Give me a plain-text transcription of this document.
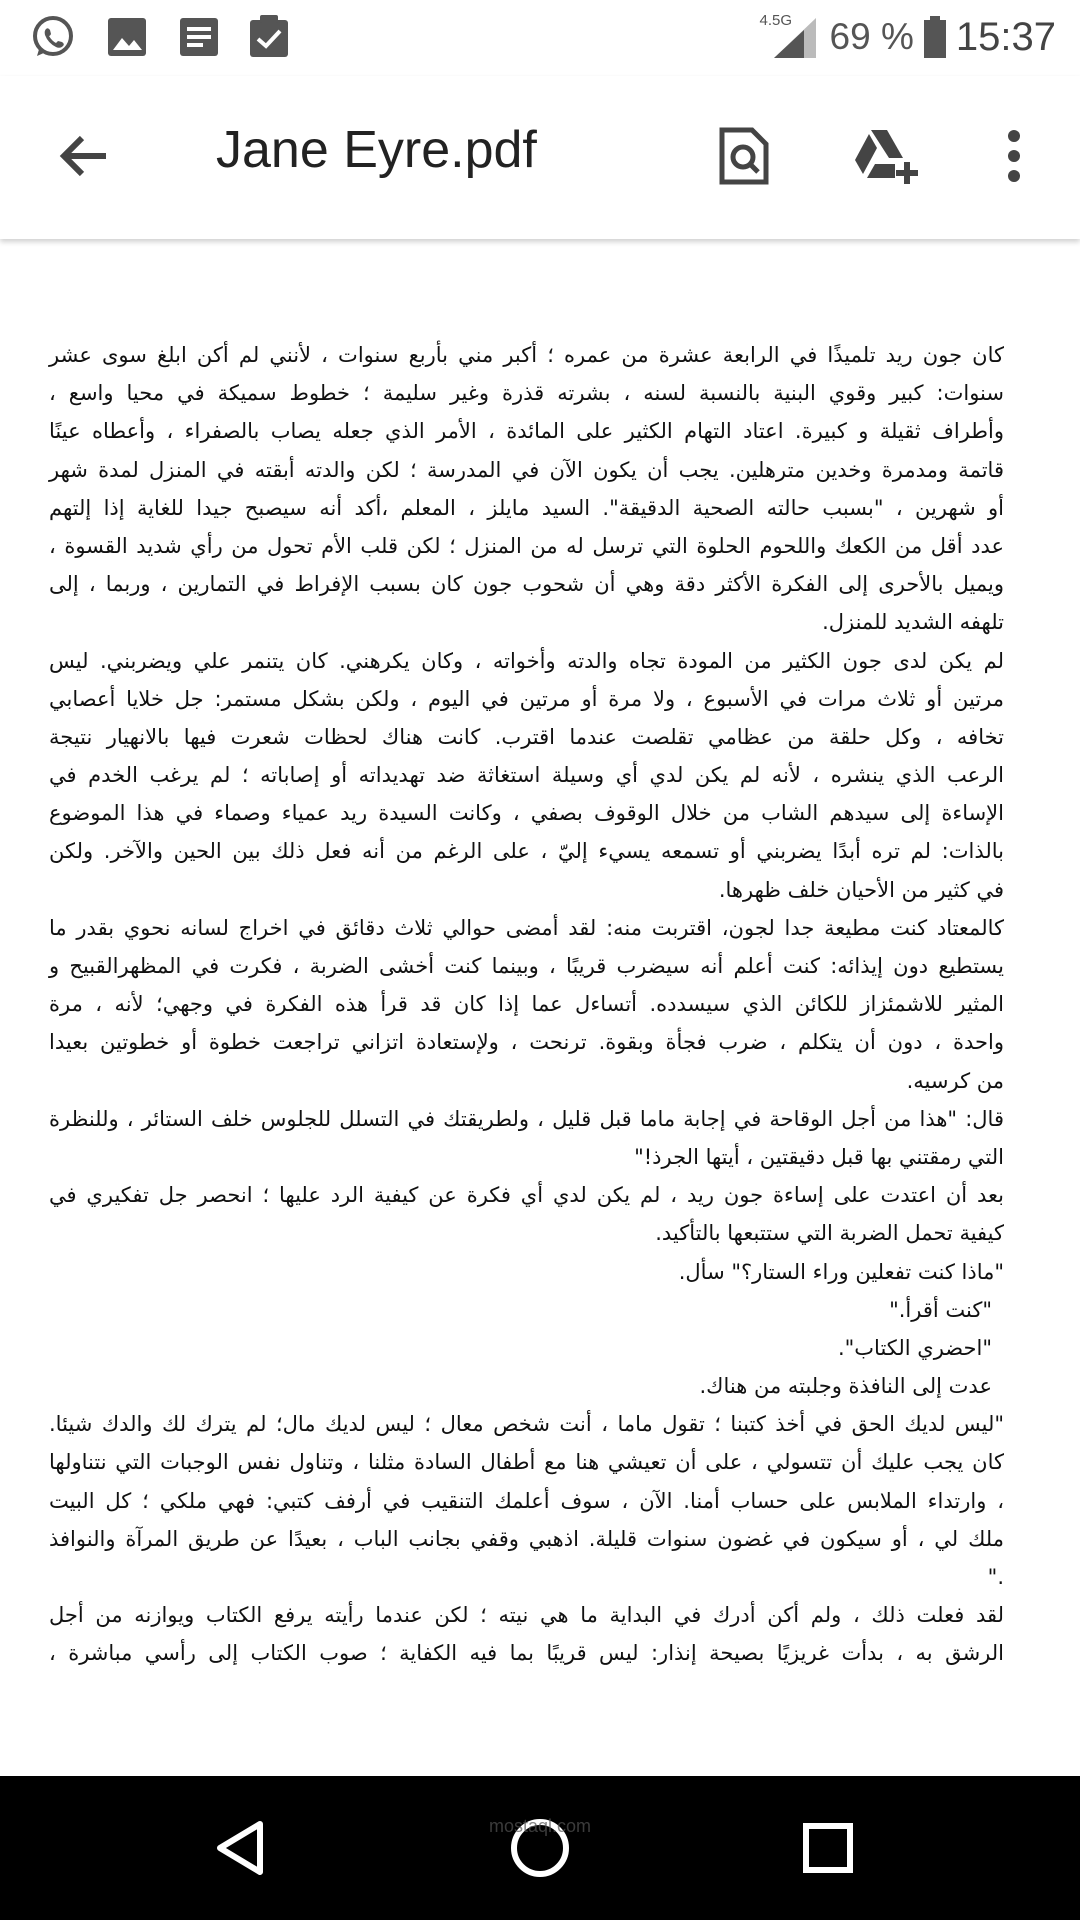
4.5G 69 % 15:37
Jane Eyre.pdf
كان جون ريد تلميذًا في الرابعة عشرة من عمره ؛ أكبر مني بأربع سنوات ، لأنني لم أكن ابلغ سوى عشر
سنوات: كبير وقوي البنية بالنسبة لسنه ، بشرته قذرة وغير سليمة ؛ خطوط سميكة في محيا واسع ،
وأطراف ثقيلة و كبيرة. اعتاد التهام الكثير على المائدة ، الأمر الذي جعله يصاب بالصفراء ، وأعطاه عينًا
قاتمة ومدمرة وخدين مترهلين. يجب أن يكون الآن في المدرسة ؛ لكن والدته أبقته في المنزل لمدة شهر
أو شهرين ، "بسبب حالته الصحية الدقيقة". السيد مايلز ، المعلم ،أكد أنه سيصبح جيدا للغاية إذا إلتهم
عدد أقل من الكعك واللحوم الحلوة التي ترسل له من المنزل ؛ لكن قلب الأم تحول من رأي شديد القسوة ،
ويميل بالأحرى إلى الفكرة الأكثر دقة وهي أن شحوب جون كان بسبب الإفراط في التمارين ، وربما ، إلى
تلهفه الشديد للمنزل.
لم يكن لدى جون الكثير من المودة تجاه والدته وأخواته ، وكان يكرهني. كان يتنمر علي ويضربني. ليس
مرتين أو ثلاث مرات في الأسبوع ، ولا مرة أو مرتين في اليوم ، ولكن بشكل مستمر: جل خلايا أعصابي
تخافه ، وكل حلقة من عظامي تقلصت عندما اقترب. كانت هناك لحظات شعرت فيها بالانهيار نتيجة
الرعب الذي ينشره ، لأنه لم يكن لدي أي وسيلة استغاثة ضد تهديداته أو إصاباته ؛ لم يرغب الخدم في
الإساءة إلى سيدهم الشاب من خلال الوقوف بصفي ، وكانت السيدة ريد عمياء وصماء في هذا الموضوع
بالذات: لم تره أبدًا يضربني أو تسمعه يسيء إليّ ، على الرغم من أنه فعل ذلك بين الحين والآخر. ولكن
في كثير من الأحيان خلف ظهرها.
كالمعتاد كنت مطيعة جدا لجون، اقتربت منه: لقد أمضى حوالي ثلاث دقائق في اخراج لسانه نحوي بقدر ما
يستطيع دون إيذائه: كنت أعلم أنه سيضرب قريبًا ، وبينما كنت أخشى الضربة ، فكرت في المظهرالقبيح و
المثير للاشمئزاز للكائن الذي سيسدده. أتساءل عما إذا كان قد قرأ هذه الفكرة في وجهي؛ لأنه ، مرة
واحدة ، دون أن يتكلم ، ضرب فجأة وبقوة. ترنحت ، ولإستعادة اتزاني تراجعت خطوة أو خطوتين بعيدا
من كرسيه.
قال: "هذا من أجل الوقاحة في إجابة ماما قبل قليل ، ولطريقتك في التسلل للجلوس خلف الستائر ، وللنظرة
التي رمقتني بها قبل دقيقتين ، أيتها الجرذ!"
بعد أن اعتدت على إساءة جون ريد ، لم يكن لدي أي فكرة عن كيفية الرد عليها ؛ انحصر جل تفكيري في
كيفية تحمل الضربة التي ستتبعها بالتأكيد.
"ماذا كنت تفعلين وراء الستار؟" سأل.
"كنت أقرأ."
"احضري الكتاب".
عدت إلى النافذة وجلبته من هناك.
"ليس لديك الحق في أخذ كتبنا ؛ تقول ماما ، أنت شخص معال ؛ ليس لديك مال؛ لم يترك لك والدك شيئا.
كان يجب عليك أن تتسولي ، على أن تعيشي هنا مع أطفال السادة مثلنا ، وتناول نفس الوجبات التي نتناولها
، وارتداء الملابس على حساب أمنا. الآن ، سوف أعلمك التنقيب في أرفف كتبي: فهي ملكي ؛ كل البيت
ملك لي ، أو سيكون في غضون سنوات قليلة. اذهبي وقفي بجانب الباب ، بعيدًا عن طريق المرآة والنوافذ
."
لقد فعلت ذلك ، ولم أكن أدرك في البداية ما هي نيته ؛ لكن عندما رأيته يرفع الكتاب ويوازنه من أجل
الرشق به ، بدأت غريزيًا بصيحة إنذار: ليس قريبًا بما فيه الكفاية ؛ صوب الكتاب إلى رأسي مباشرة ،
mostaql.com
